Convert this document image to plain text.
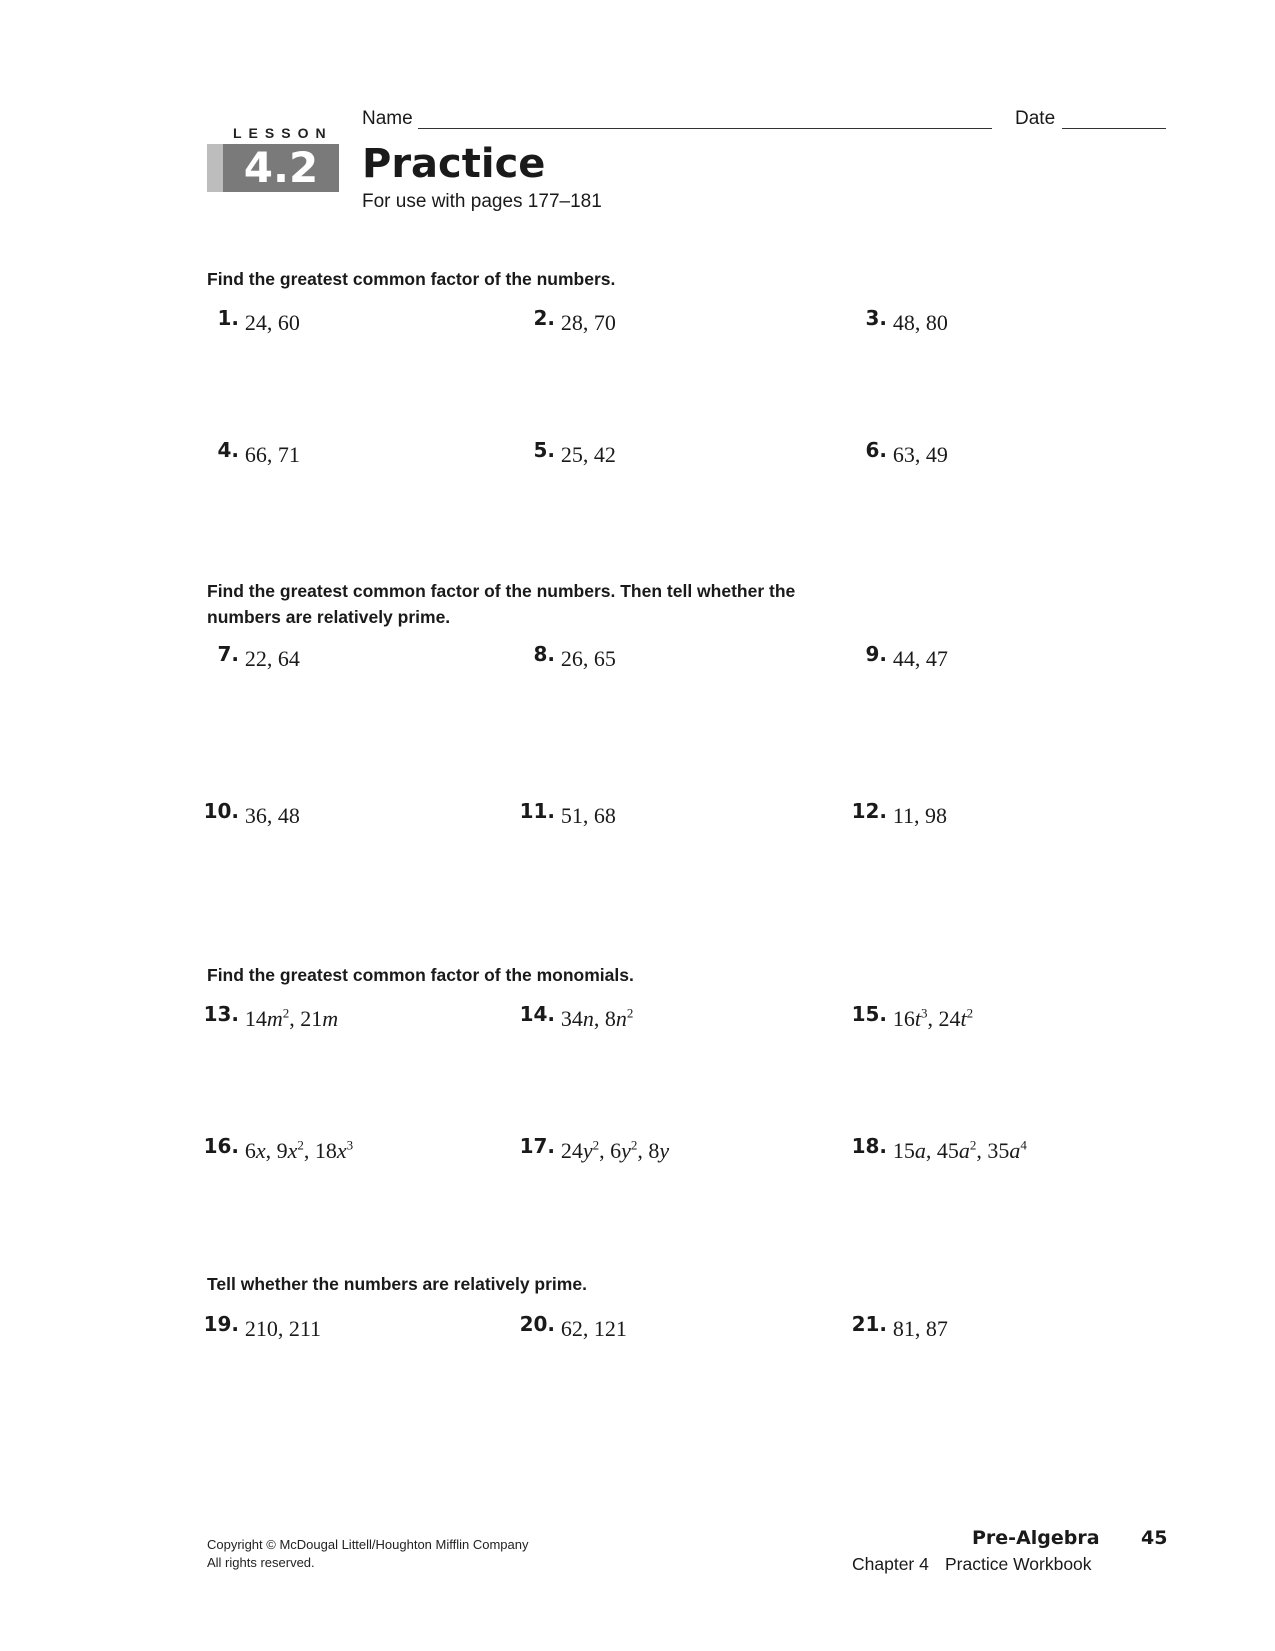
LESSON
4.2
Name	Date
Practice
For use with pages 177–181
Find the greatest common factor of the numbers.
Find the greatest common factor of the numbers. Then tell whether the
numbers are relatively prime.
Find the greatest common factor of the monomials.
Tell whether the numbers are relatively prime.
1. 24, 60	2. 28, 70	3. 48, 80
4. 66, 71	5. 25, 42	6. 63, 49
7. 22, 64	8. 26, 65	9. 44, 47
10. 36, 48	11. 51, 68	12. 11, 98
13. $14m^2$, 21m	14. 34n, $8n^2$	15. $16t^3$, $24t^2$
16. 6x, $9x^2$, $18x^3$	17. $24y^2$, $6y^2$, 8y	18. 15a, $45a^2$, $35a^4$
19. 210, 211	20. 62, 121	21. 81, 87
Copyright © McDougal Littell/Houghton Mifflin Company
All rights reserved.
Pre-Algebra 45
Chapter 4 Practice Workbook
